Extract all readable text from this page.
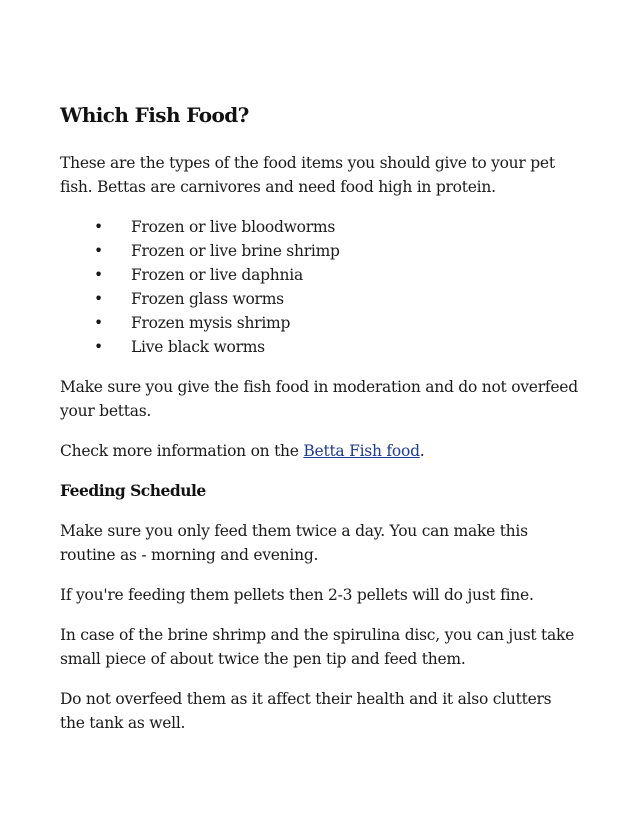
Which Fish Food?

These are the types of the food items you should give to your pet fish. Bettas are carnivores and need food high in protein.

• Frozen or live bloodworms
• Frozen or live brine shrimp
• Frozen or live daphnia
• Frozen glass worms
• Frozen mysis shrimp
• Live black worms

Make sure you give the fish food in moderation and do not overfeed your bettas.

Check more information on the Betta Fish food.

Feeding Schedule

Make sure you only feed them twice a day. You can make this routine as - morning and evening.

If you're feeding them pellets then 2-3 pellets will do just fine.

In case of the brine shrimp and the spirulina disc, you can just take small piece of about twice the pen tip and feed them.

Do not overfeed them as it affect their health and it also clutters the tank as well.
